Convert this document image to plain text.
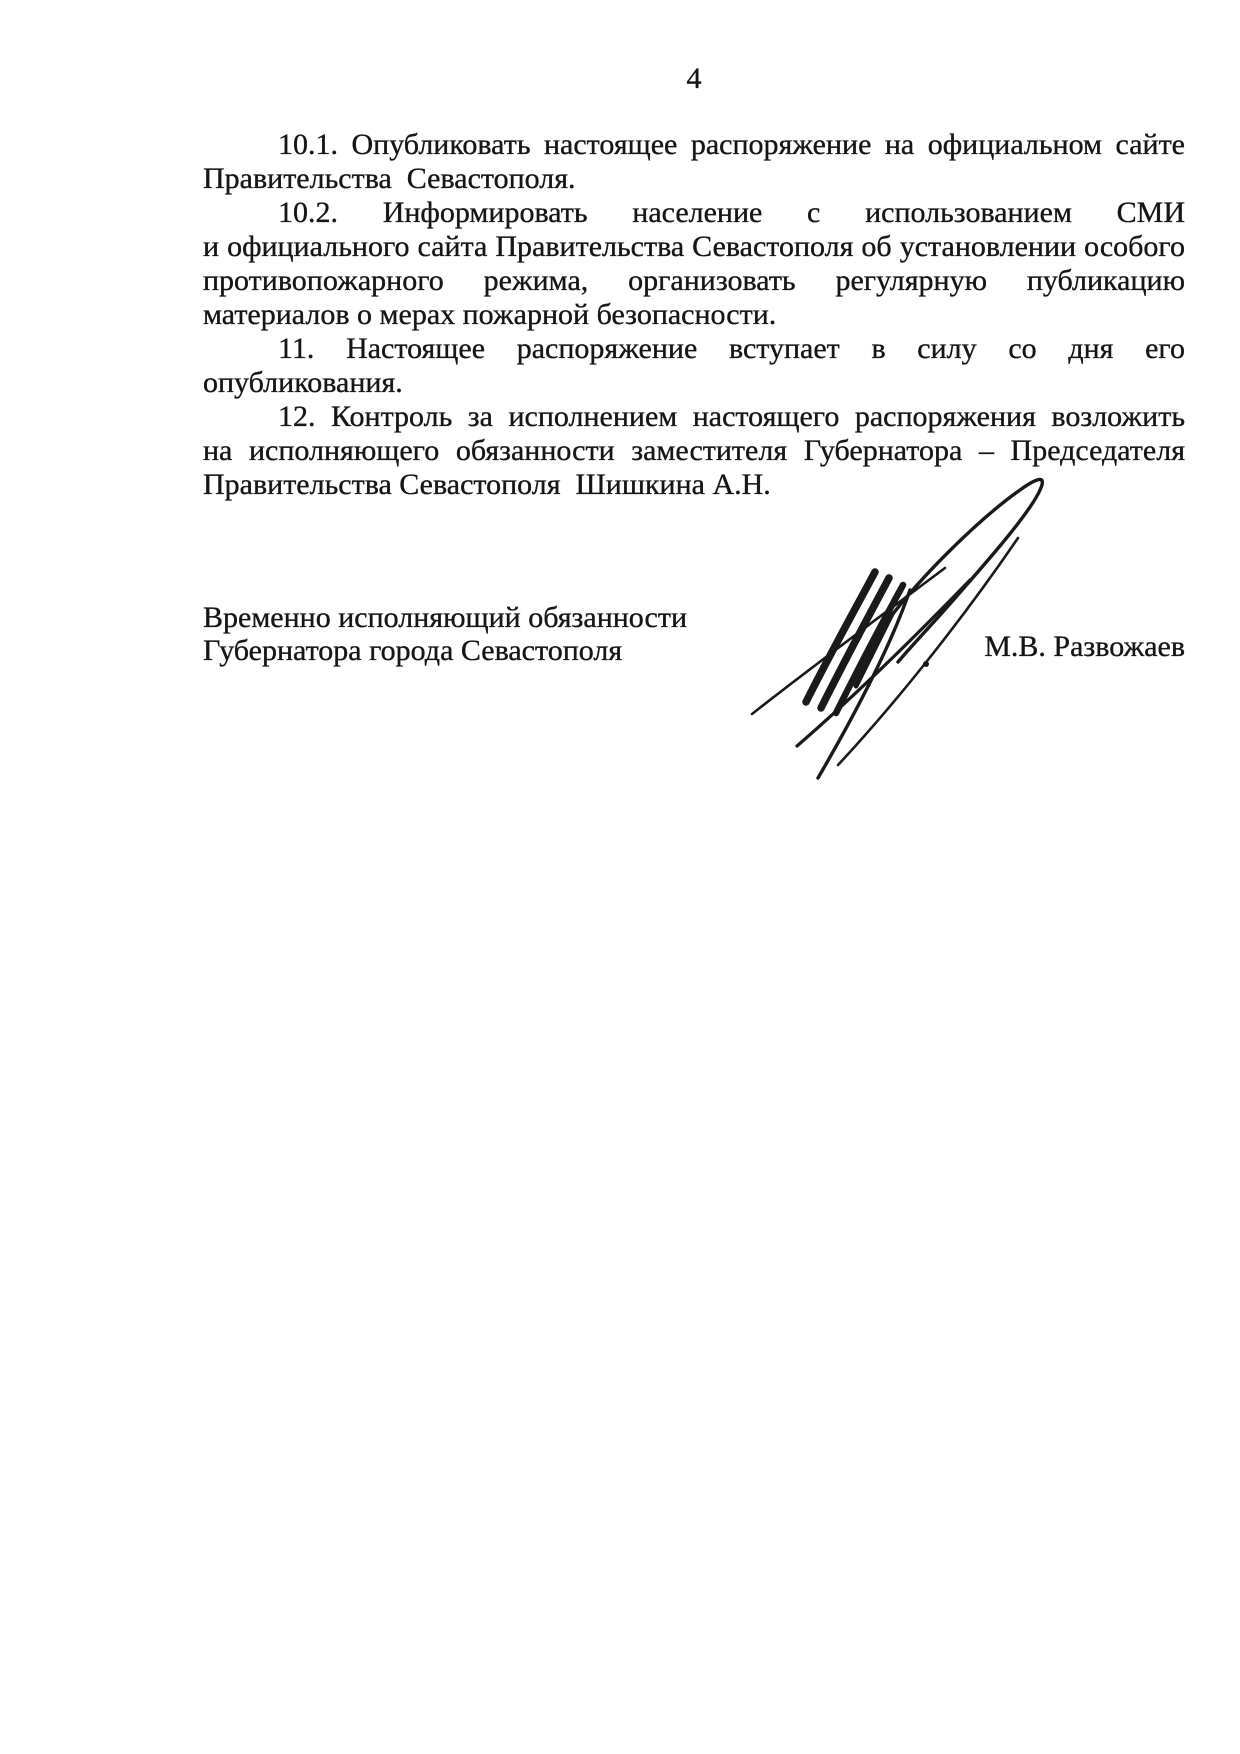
4
10.1. Опубликовать настоящее распоряжение на официальном сайте
Правительства  Севастополя.
10.2. Информировать население с использованием СМИ
и официального сайта Правительства Севастополя об установлении особого
противопожарного режима, организовать регулярную публикацию
материалов о мерах пожарной безопасности.
11. Настоящее распоряжение вступает в силу со дня его
опубликования.
12. Контроль за исполнением настоящего распоряжения возложить
на исполняющего обязанности заместителя Губернатора – Председателя
Правительства Севастополя  Шишкина А.Н.
Временно исполняющий обязанности
Губернатора города Севастополя	М.В. Развожаев
